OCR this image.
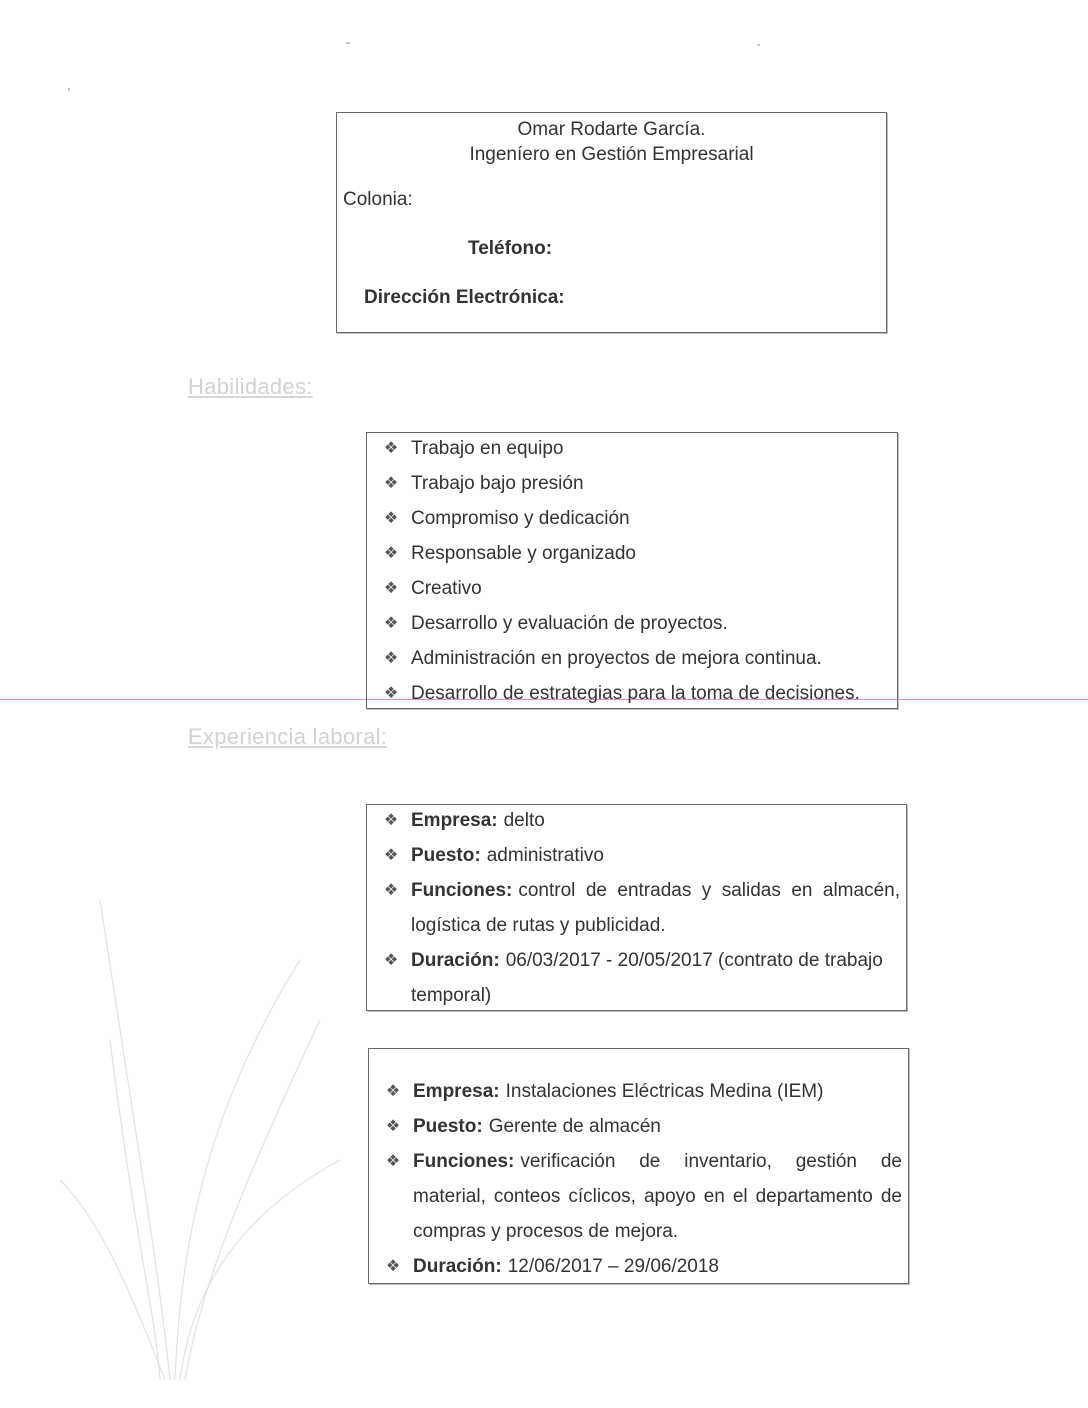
Omar Rodarte García.
Ingeníero en Gestión Empresarial
Colonia:
Teléfono:
Dirección Electrónica:
Habilidades:
❖ Trabajo en equipo
❖ Trabajo bajo presión
❖ Compromiso y dedicación
❖ Responsable y organizado
❖ Creativo
❖ Desarrollo y evaluación de proyectos.
❖ Administración en proyectos de mejora continua.
❖ Desarrollo de estrategias para la toma de decisiones.
Experiencia laboral:
❖ Empresa: delto
❖ Puesto: administrativo
❖ Funciones: control de entradas y salidas en almacén, logística de rutas y publicidad.
❖ Duración: 06/03/2017 - 20/05/2017 (contrato de trabajo temporal)
❖ Empresa: Instalaciones Eléctricas Medina (IEM)
❖ Puesto: Gerente de almacén
❖ Funciones: verificación de inventario, gestión de material, conteos cíclicos, apoyo en el departamento de compras y procesos de mejora.
❖ Duración: 12/06/2017 – 29/06/2018
